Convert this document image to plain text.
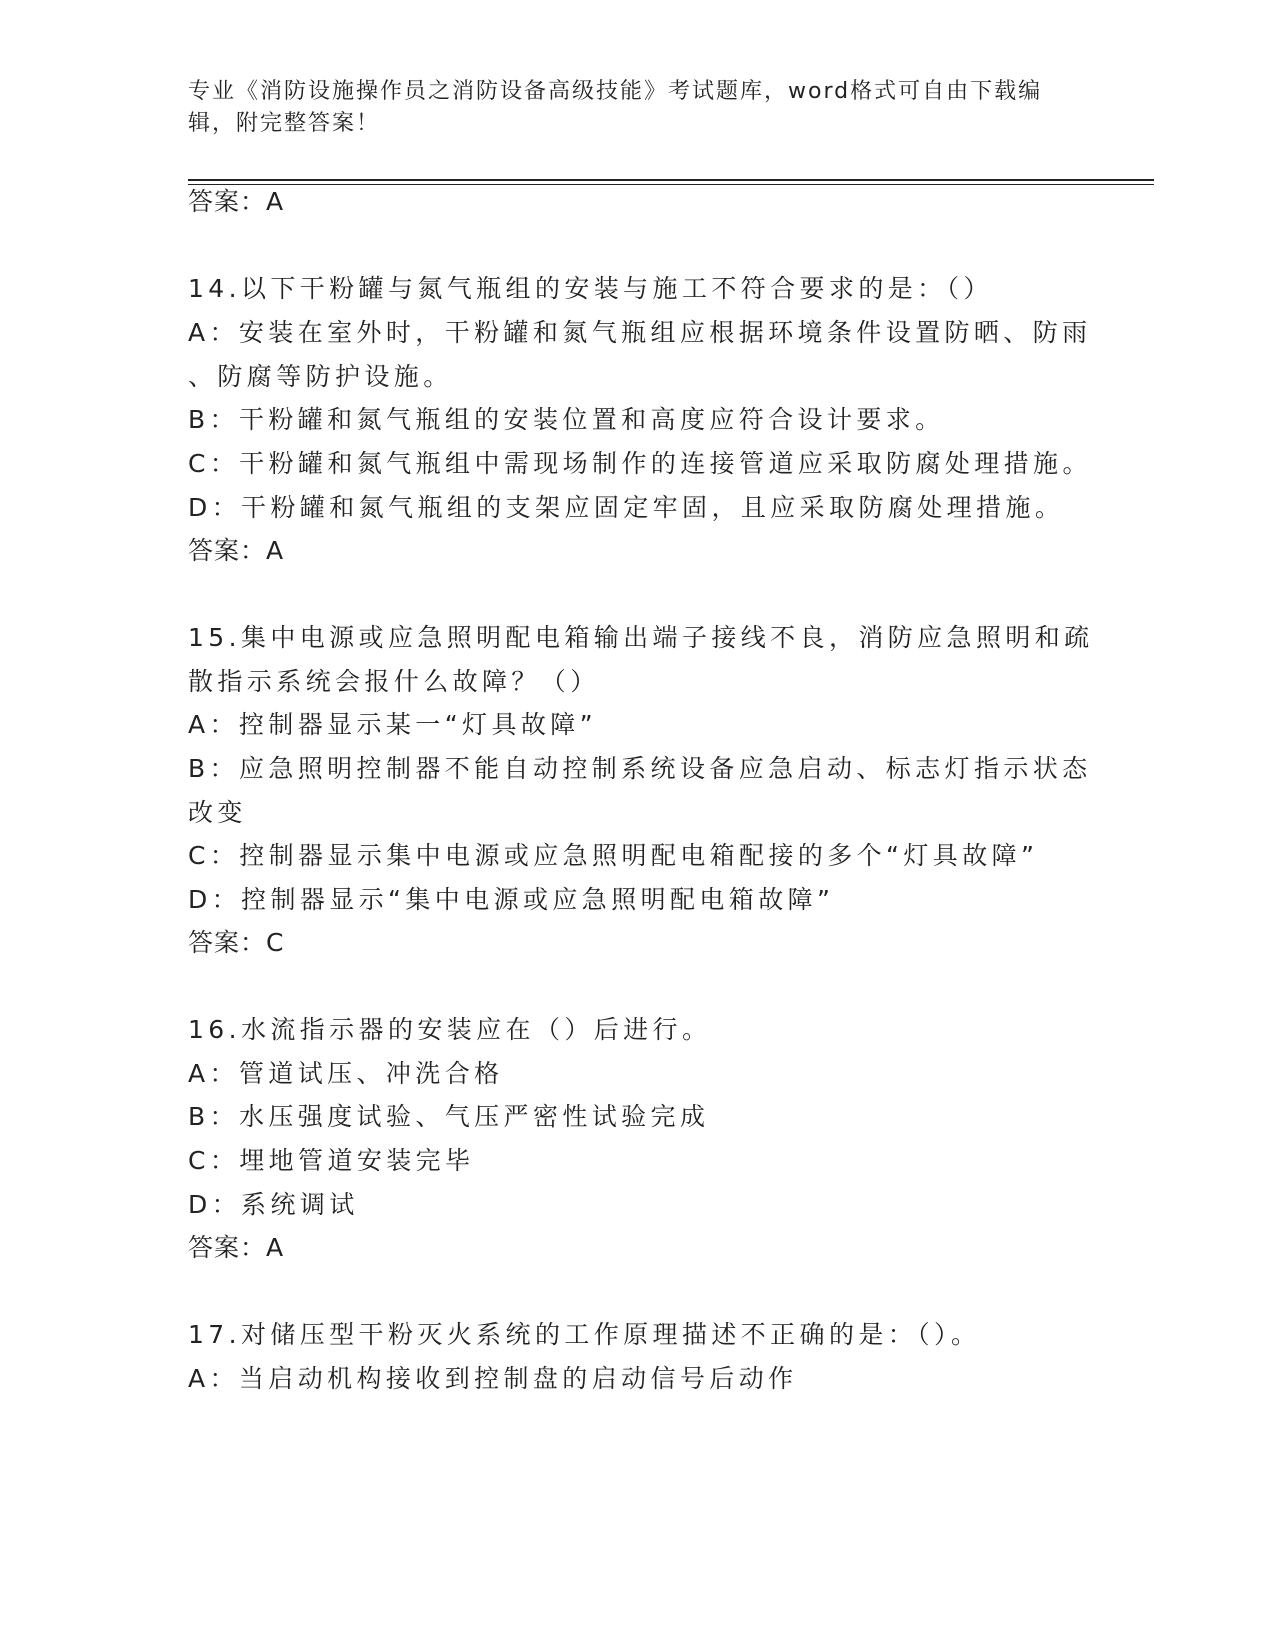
专业《消防设施操作员之消防设备高级技能》考试题库，word格式可自由下载编辑，附完整答案！
答案：A
14.以下干粉罐与氮气瓶组的安装与施工不符合要求的是：（）
A：安装在室外时，干粉罐和氮气瓶组应根据环境条件设置防晒、防雨
、防腐等防护设施。
B：干粉罐和氮气瓶组的安装位置和高度应符合设计要求。
C：干粉罐和氮气瓶组中需现场制作的连接管道应采取防腐处理措施。
D：干粉罐和氮气瓶组的支架应固定牢固，且应采取防腐处理措施。
答案：A
15.集中电源或应急照明配电箱输出端子接线不良，消防应急照明和疏
散指示系统会报什么故障？（）
A：控制器显示某一“灯具故障”
B：应急照明控制器不能自动控制系统设备应急启动、标志灯指示状态
改变
C：控制器显示集中电源或应急照明配电箱配接的多个“灯具故障”
D：控制器显示“集中电源或应急照明配电箱故障”
答案：C
16.水流指示器的安装应在（）后进行。
A：管道试压、冲洗合格
B：水压强度试验、气压严密性试验完成
C：埋地管道安装完毕
D：系统调试
答案：A
17.对储压型干粉灭火系统的工作原理描述不正确的是：（）。
A：当启动机构接收到控制盘的启动信号后动作
